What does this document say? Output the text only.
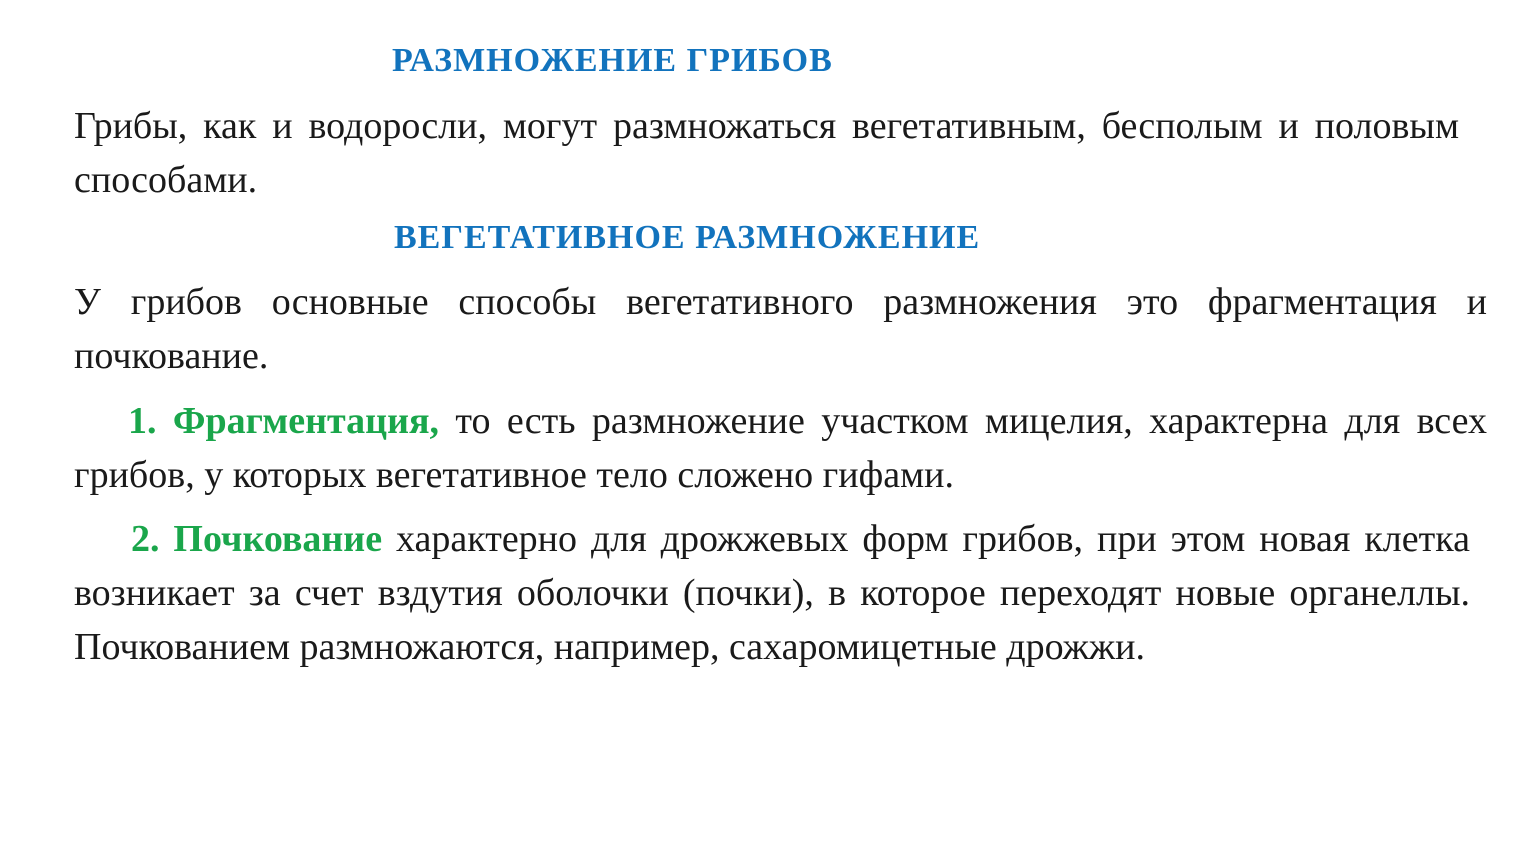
РАЗМНОЖЕНИЕ ГРИБОВ
Грибы, как и водоросли, могут размножаться вегетативным, бесполым и половым способами.
ВЕГЕТАТИВНОЕ РАЗМНОЖЕНИЕ
У грибов основные способы вегетативного размножения это фрагментация и почкование.
1. Фрагментация, то есть размножение участком мицелия, характерна для всех грибов, у которых вегетативное тело сложено гифами.
2. Почкование характерно для дрожжевых форм грибов, при этом новая клетка возникает за счет вздутия оболочки (почки), в которое переходят новые органеллы. Почкованием размножаются, например, сахаромицетные дрожжи.
